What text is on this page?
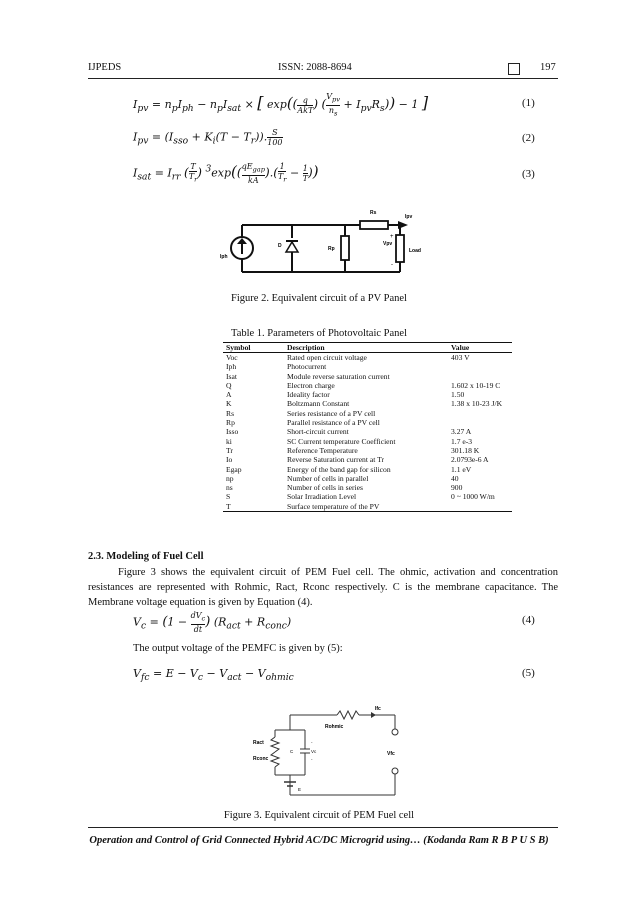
IJPEDS	ISSN: 2088-8694	197
$I_{pv} = n_pI_{ph} - n_pI_{sat}$ × [ exp(( q
AkT) (
$V_{pv}$
$n_s + I_{pv}R_s)) - 1$ ]	(1)
$I_{pv} = (I_{sso} + K_i(T - T_r))$. S
100	(2)
$I_{sat} = I_{rr}$ ( T
$T_r$) $^3$exp(( $qE_{gap}$
kA).( 1
$T_r - 1$
T))	(3)
Iph
D	Rp
Rs
Ipv
Vpv
Load
+
-
Figure 2. Equivalent circuit of a PV Panel
Table 1. Parameters of Photovoltaic Panel
Symbol	Description	Value
Voc	Rated open circuit voltage	403 V
Iph	Photocurrent	
Isat	Module reverse saturation current	
Q	Electron charge	1.602 x 10-19 C
A	Ideality factor	1.50
K	Boltzmann Constant	1.38 x 10-23 J/K
Rs	Series resistance of a PV cell	
Rp	Parallel resistance of a PV cell	
Isso	Short-circuit current	3.27 A
ki	SC Current temperature Coefficient	1.7 e-3
Tr	Reference Temperature	301.18 K
Io	Reverse Saturation current at Tr	2.0793e-6 A
Egap	Energy of the band gap for silicon	1.1 eV
np	Number of cells in parallel	40
ns	Number of cells in series	900
S	Solar Irradiation Level	0 ~ 1000 W/m
T	Surface temperature of the PV	
2.3. Modeling of Fuel Cell
Figure 3 shows the equivalent circuit of PEM Fuel cell. The ohmic, activation and concentration resistances are represented with Rohmic, Ract, Rconc respectively. C is the membrane capacitance. The Membrane voltage equation is given by Equation (4).
$V_c = (1 - dV_c$
dt ) $(R_{act} + R_{conc})$	(4)
The output voltage of the PEMFC is given by (5):
$V_{fc} = E - V_c - V_{act} - V_{ohmic}$	(5)
Ifc
Rohmic
Ract
Rconc
C	Vc
-
-
Vfc
E
Figure 3. Equivalent circuit of PEM Fuel cell
Operation and Control of Grid Connected Hybrid AC/DC Microgrid using… (Kodanda Ram R B P U S B)
